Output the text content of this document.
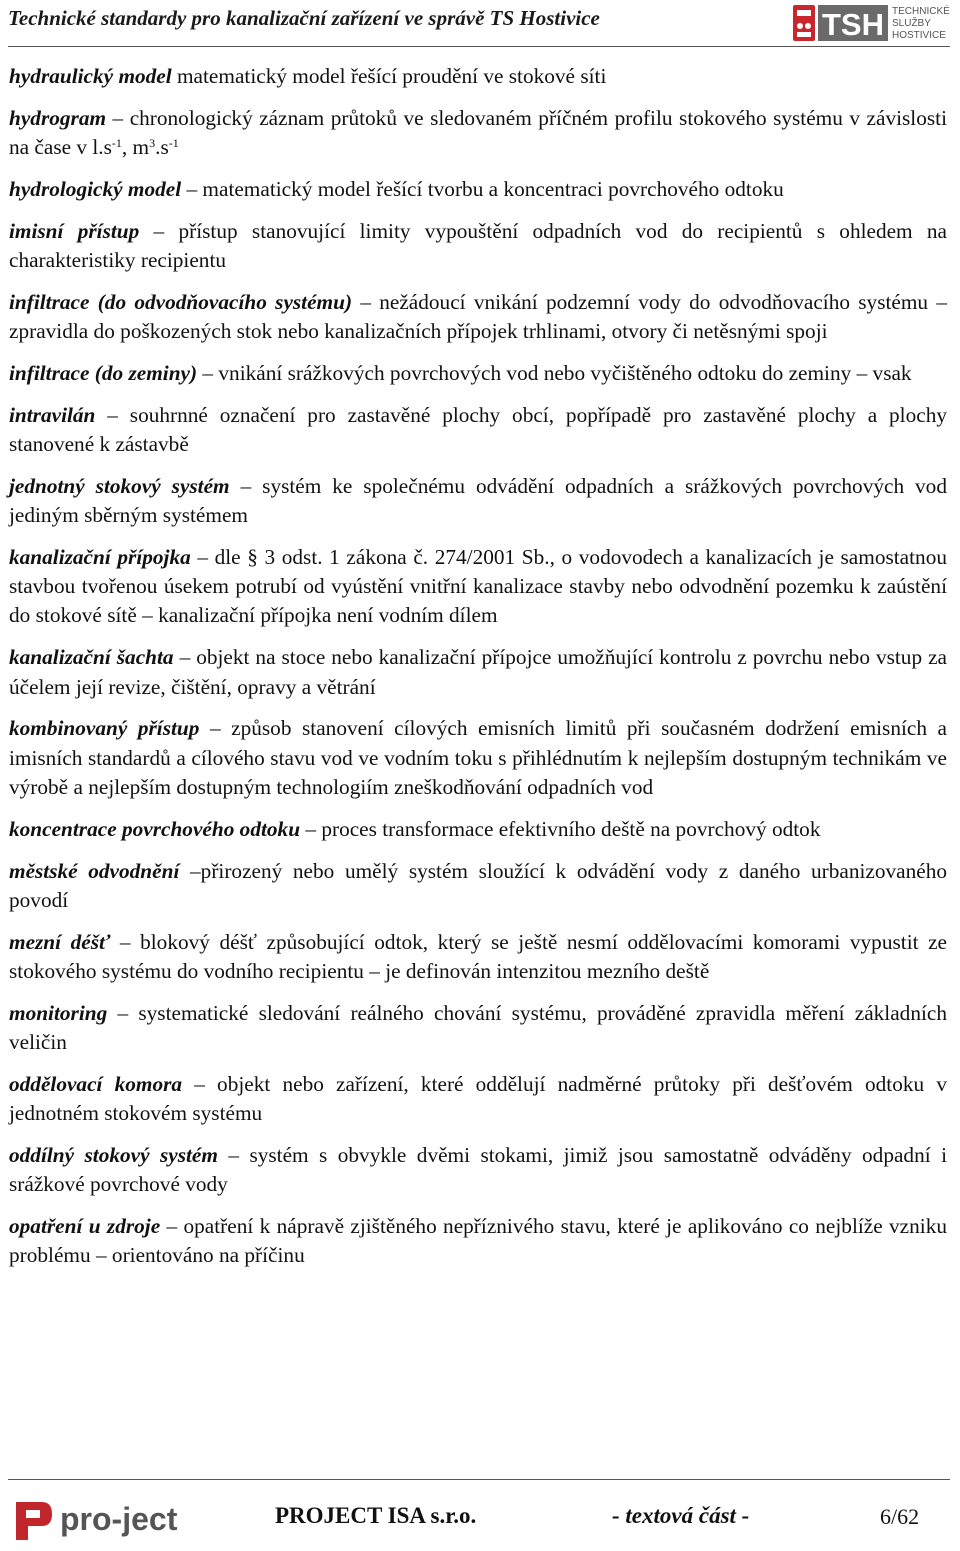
Technické standardy pro kanalizační zařízení ve správě TS Hostivice	TSH TECHNICKÉ
SLUŽBY
HOSTIVICE

hydraulický model matematický model řešící proudění ve stokové síti

hydrogram – chronologický záznam průtoků ve sledovaném příčném profilu stokového systému v závislosti na čase v $l.s^{-1}$, $m^3.s^{-1}$

hydrologický model – matematický model řešící tvorbu a koncentraci povrchového odtoku

imisní přístup – přístup stanovující limity vypouštění odpadních vod do recipientů s ohledem na charakteristiky recipientu

infiltrace (do odvodňovacího systému) – nežádoucí vnikání podzemní vody do odvodňovacího systému – zpravidla do poškozených stok nebo kanalizačních přípojek trhlinami, otvory či netěsnými spoji

infiltrace (do zeminy) – vnikání srážkových povrchových vod nebo vyčištěného odtoku do zeminy – vsak

intravilán – souhrnné označení pro zastavěné plochy obcí, popřípadě pro zastavěné plochy a plochy stanovené k zástavbě

jednotný stokový systém – systém ke společnému odvádění odpadních a srážkových povrchových vod jediným sběrným systémem

kanalizační přípojka – dle § 3 odst. 1 zákona č. 274/2001 Sb., o vodovodech a kanalizacích je samostatnou stavbou tvořenou úsekem potrubí od vyústění vnitřní kanalizace stavby nebo odvodnění pozemku k zaústění do stokové sítě – kanalizační přípojka není vodním dílem

kanalizační šachta – objekt na stoce nebo kanalizační přípojce umožňující kontrolu z povrchu nebo vstup za účelem její revize, čištění, opravy a větrání

kombinovaný přístup – způsob stanovení cílových emisních limitů při současném dodržení emisních a imisních standardů a cílového stavu vod ve vodním toku s přihlédnutím k nejlepším dostupným technikám ve výrobě a nejlepším dostupným technologiím zneškodňování odpadních vod

koncentrace povrchového odtoku – proces transformace efektivního deště na povrchový odtok

městské odvodnění –přirozený nebo umělý systém sloužící k odvádění vody z daného urbanizovaného povodí

mezní déšť – blokový déšť způsobující odtok, který se ještě nesmí oddělovacími komorami vypustit ze stokového systému do vodního recipientu – je definován intenzitou mezního deště

monitoring – systematické sledování reálného chování systému, prováděné zpravidla měření základních veličin

oddělovací komora – objekt nebo zařízení, které oddělují nadměrné průtoky při dešťovém odtoku v jednotném stokovém systému

oddílný stokový systém – systém s obvykle dvěmi stokami, jimiž jsou samostatně odváděny odpadní i srážkové povrchové vody

opatření u zdroje – opatření k nápravě zjištěného nepříznivého stavu, které je aplikováno co nejblíže vzniku problému – orientováno na příčinu

pro-ject	PROJECT ISA s.r.o.	- textová část -	6/62
